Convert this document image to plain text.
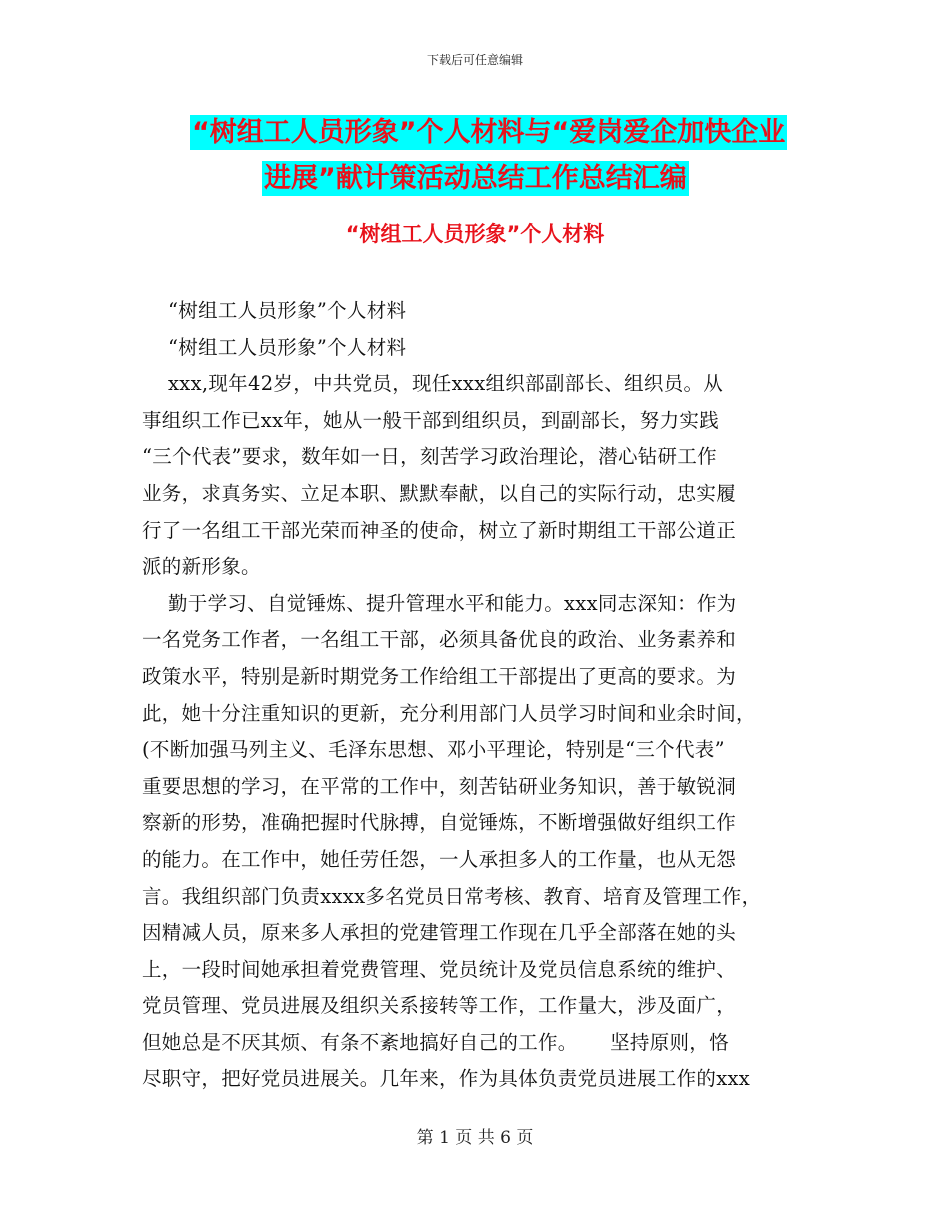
下载后可任意编辑
“树组工人员形象”个人材料与“爱岗爱企加快企业
进展”献计策活动总结工作总结汇编
“树组工人员形象”个人材料
“树组工人员形象”个人材料
“树组工人员形象”个人材料
xxx,现年42岁，中共党员，现任xxx组织部副部长、组织员。从
事组织工作已xx年，她从一般干部到组织员，到副部长，努力实践
“三个代表”要求，数年如一日，刻苦学习政治理论，潜心钻研工作
业务，求真务实、立足本职、默默奉献，以自己的实际行动，忠实履
行了一名组工干部光荣而神圣的使命，树立了新时期组工干部公道正
派的新形象。
勤于学习、自觉锤炼、提升管理水平和能力。xxx同志深知：作为
一名党务工作者，一名组工干部，必须具备优良的政治、业务素养和
政策水平，特别是新时期党务工作给组工干部提出了更高的要求。为
此，她十分注重知识的更新，充分利用部门人员学习时间和业余时间，
(不断加强马列主义、毛泽东思想、邓小平理论，特别是“三个代表”
重要思想的学习，在平常的工作中，刻苦钻研业务知识，善于敏锐洞
察新的形势，准确把握时代脉搏，自觉锤炼，不断增强做好组织工作
的能力。在工作中，她任劳任怨，一人承担多人的工作量，也从无怨
言。我组织部门负责xxxx多名党员日常考核、教育、培育及管理工作，
因精减人员，原来多人承担的党建管理工作现在几乎全部落在她的头
上，一段时间她承担着党费管理、党员统计及党员信息系统的维护、
党员管理、党员进展及组织关系接转等工作，工作量大，涉及面广，
但她总是不厌其烦、有条不紊地搞好自己的工作。     坚持原则，恪
尽职守，把好党员进展关。几年来，作为具体负责党员进展工作的xxx
第 1 页 共 6 页
